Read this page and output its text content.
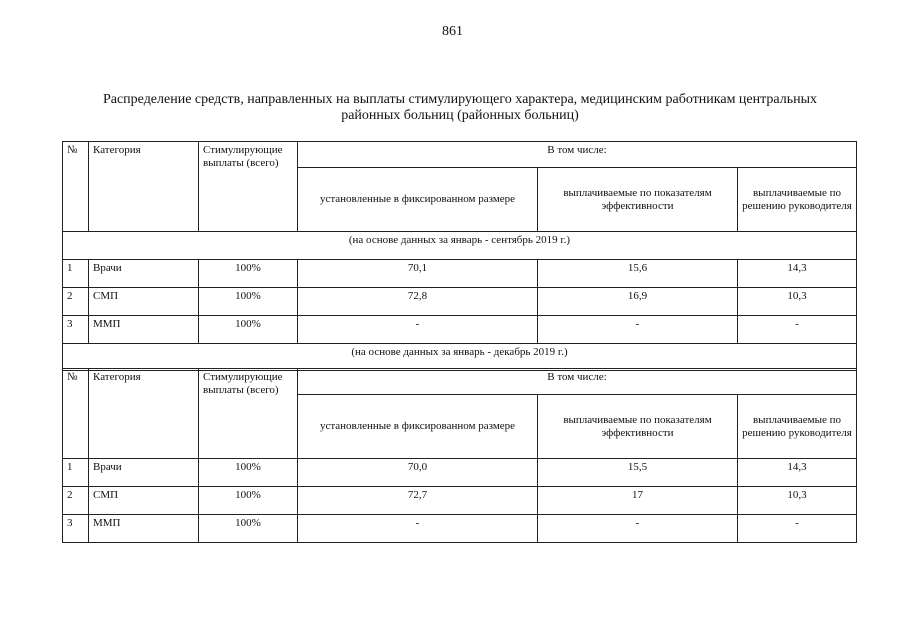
861
Распределение средств, направленных на выплаты стимулирующего характера, медицинским работникам центральных районных больниц (районных больниц)
№	Категория	Стимулирующие выплаты (всего)	В том числе:		
			установленные в фиксированном размере	выплачиваемые по показателям эффективности	выплачиваемые по решению руководителя
(на основе данных за январь - сентябрь 2019 г.)					
1	Врачи	100%	70,1	15,6	14,3
2	СМП	100%	72,8	16,9	10,3
3	ММП	100%	-	-	-
(на основе данных за январь - декабрь 2019 г.)					
№	Категория	Стимулирующие выплаты (всего)	В том числе:		
			установленные в фиксированном размере	выплачиваемые по показателям эффективности	выплачиваемые по решению руководителя
1	Врачи	100%	70,0	15,5	14,3
2	СМП	100%	72,7	17	10,3
3	ММП	100%	-	-	-
